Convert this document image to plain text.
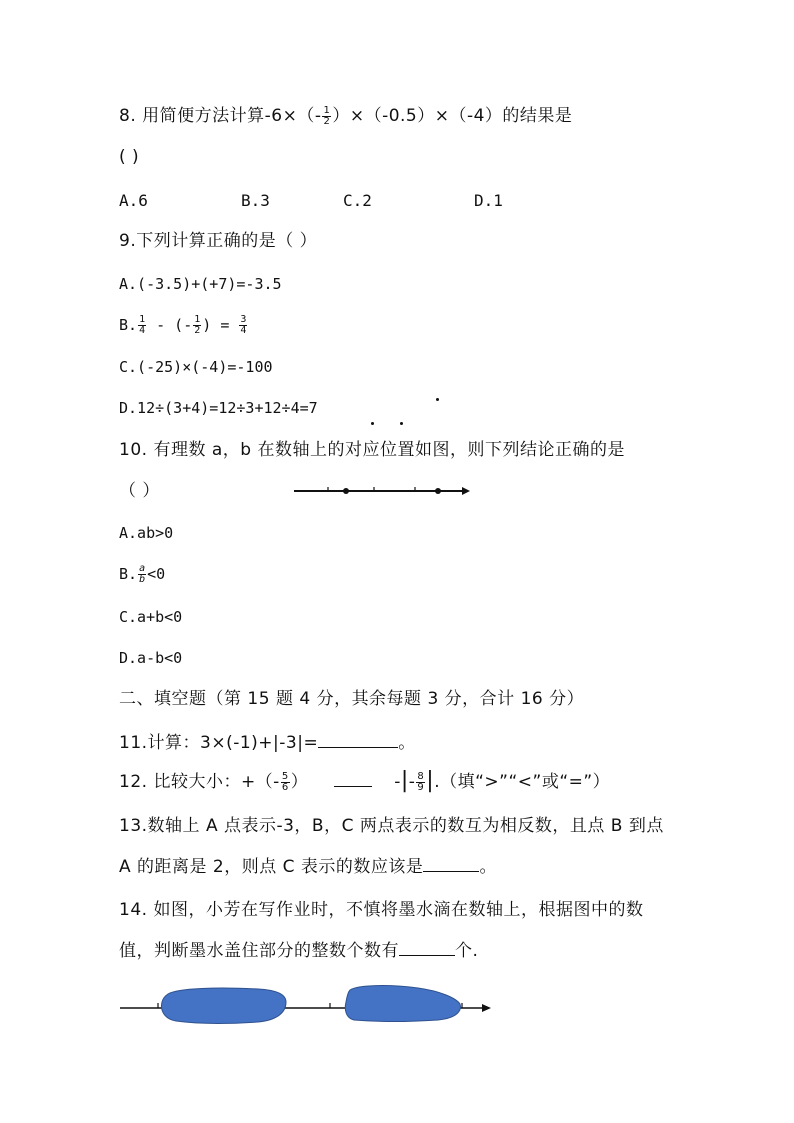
8. 用简便方法计算$-6\times(- \frac{1}{2} )\times(-0.5)\times(-4)$的结果是
( )
A.6	B.3	C.2	D.1
9.下列计算正确的是（ ）
A.(-3.5)+(+7)=-3.5
B. $\frac{1}{4}$ - (- $\frac{1}{2}$ ) = $\frac{3}{4}$
C.(-25)×(-4)=-100
D.12÷(3+4)=12÷3+12÷4=7
10. 有理数 a，b 在数轴上的对应位置如图，则下列结论正确的是
（ ）
A.ab>0
B. $\frac{a}{b} <0$
C.a+b<0
D.a-b<0
二、填空题（第 15 题 4 分，其余每题 3 分，合计 16 分）
11.计算：3×(-1)+|-3|=	。
12. 比较大小：+（- $\frac{5}{6}$ ）	-|- $\frac{8}{9}$ |.（填“>”“<”或“=”）
13.数轴上 A 点表示-3，B，C 两点表示的数互为相反数，且点 B 到点
A 的距离是 2，则点 C 表示的数应该是	。
14. 如图，小芳在写作业时，不慎将墨水滴在数轴上，根据图中的数
值，判断墨水盖住部分的整数个数有	个.
